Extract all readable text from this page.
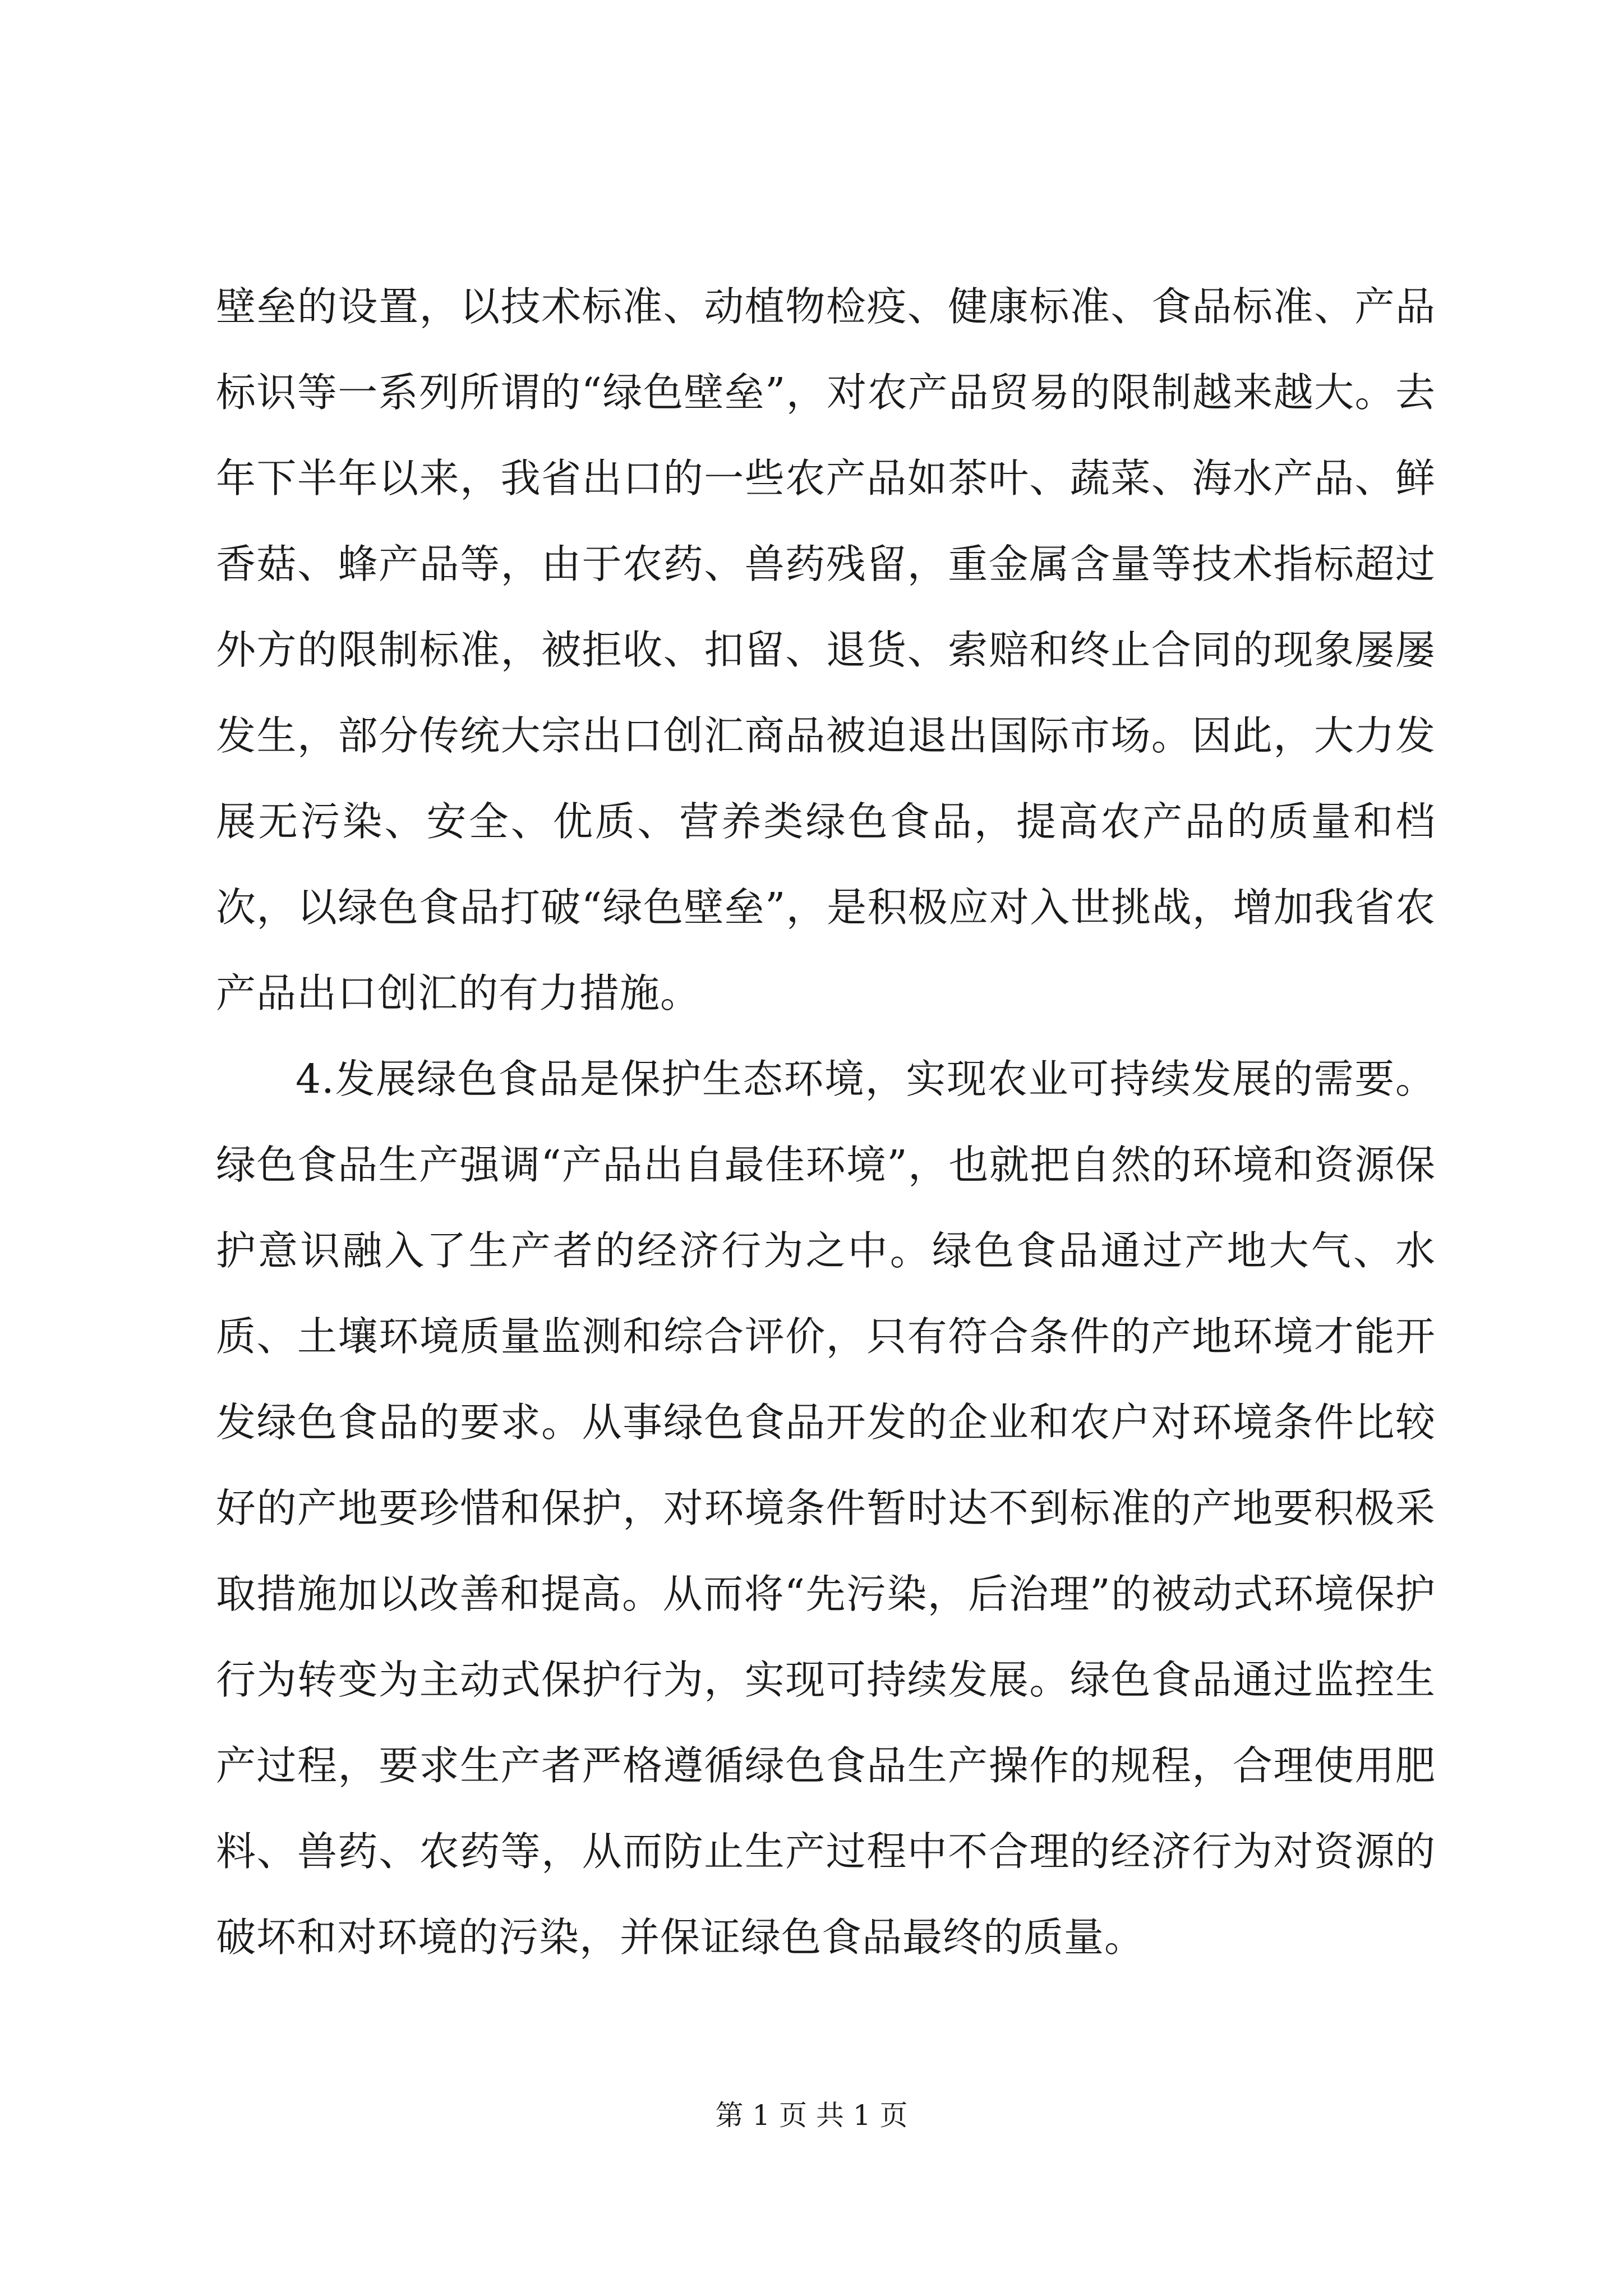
壁垒的设置，以技术标准、动植物检疫、健康标准、食品标准、产品标识等一系列所谓的“绿色壁垒”，对农产品贸易的限制越来越大。去年下半年以来，我省出口的一些农产品如茶叶、蔬菜、海水产品、鲜香菇、蜂产品等，由于农药、兽药残留，重金属含量等技术指标超过外方的限制标准，被拒收、扣留、退货、索赔和终止合同的现象屡屡发生，部分传统大宗出口创汇商品被迫退出国际市场。因此，大力发展无污染、安全、优质、营养类绿色食品，提高农产品的质量和档次，以绿色食品打破“绿色壁垒”，是积极应对入世挑战，增加我省农产品出口创汇的有力措施。

4.发展绿色食品是保护生态环境，实现农业可持续发展的需要。绿色食品生产强调“产品出自最佳环境”，也就把自然的环境和资源保护意识融入了生产者的经济行为之中。绿色食品通过产地大气、水质、土壤环境质量监测和综合评价，只有符合条件的产地环境才能开发绿色食品的要求。从事绿色食品开发的企业和农户对环境条件比较好的产地要珍惜和保护，对环境条件暂时达不到标准的产地要积极采取措施加以改善和提高。从而将“先污染，后治理”的被动式环境保护行为转变为主动式保护行为，实现可持续发展。绿色食品通过监控生产过程，要求生产者严格遵循绿色食品生产操作的规程，合理使用肥料、兽药、农药等，从而防止生产过程中不合理的经济行为对资源的破坏和对环境的污染，并保证绿色食品最终的质量。

第 1 页 共 1 页
